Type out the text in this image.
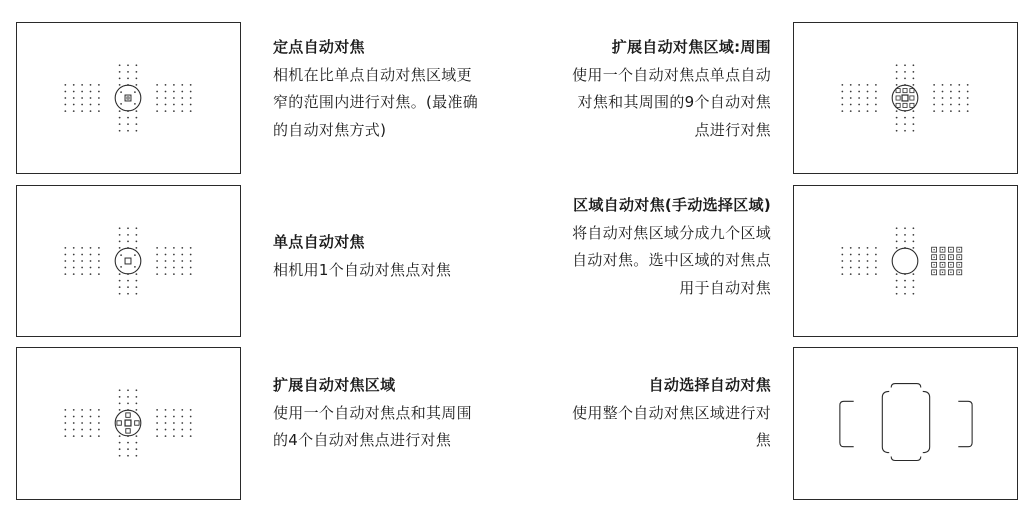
定点自动对焦
相机在比单点自动对焦区域更
窄的范围内进行对焦。(最准确
的自动对焦方式)
单点自动对焦
相机用1个自动对焦点对焦
扩展自动对焦区域
使用一个自动对焦点和其周围
的4个自动对焦点进行对焦
扩展自动对焦区域:周围
使用一个自动对焦点单点自动
对焦和其周围的9个自动对焦
点进行对焦
区域自动对焦(手动选择区域)
将自动对焦区域分成九个区域
自动对焦。选中区域的对焦点
用于自动对焦
自动选择自动对焦
使用整个自动对焦区域进行对
焦
